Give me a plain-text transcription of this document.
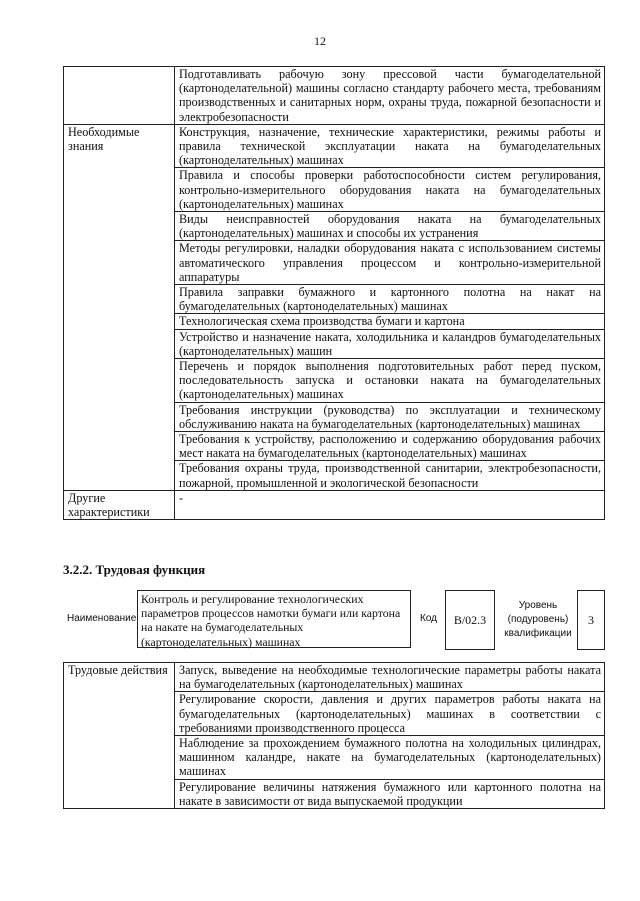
12
	Подготавливать рабочую зону прессовой части бумагоделательной (картоноделательной) машины согласно стандарту рабочего места, требованиям производственных и санитарных норм, охраны труда, пожарной безопасности и электробезопасности
Необходимые знания	Конструкция, назначение, технические характеристики, режимы работы и правила технической эксплуатации наката на бумагоделательных (картоноделательных) машинах
	Правила и способы проверки работоспособности систем регулирования, контрольно-измерительного оборудования наката на бумагоделательных (картоноделательных) машинах
	Виды неисправностей оборудования наката на бумагоделательных (картоноделательных) машинах и способы их устранения
	Методы регулировки, наладки оборудования наката с использованием системы автоматического управления процессом и контрольно-измерительной аппаратуры
	Правила заправки бумажного и картонного полотна на накат на бумагоделательных (картоноделательных) машинах
	Технологическая схема производства бумаги и картона
	Устройство и назначение наката, холодильника и каландров бумагоделательных (картоноделательных) машин
	Перечень и порядок выполнения подготовительных работ перед пуском, последовательность запуска и остановки наката на бумагоделательных (картоноделательных) машинах
	Требования инструкции (руководства) по эксплуатации и техническому обслуживанию наката на бумагоделательных (картоноделательных) машинах
	Требования к устройству, расположению и содержанию оборудования рабочих мест наката на бумагоделательных (картоноделательных) машинах
	Требования охраны труда, производственной санитарии, электробезопасности, пожарной, промышленной и экологической безопасности
Другие характеристики	-
3.2.2. Трудовая функция
Наименование
Контроль и регулирование технологических параметров процессов намотки бумаги или картона на накате на бумагоделательных (картоноделательных) машинах
Код	B/02.3
Уровень (подуровень) квалификации
3
Трудовые действия	Запуск, выведение на необходимые технологические параметры работы наката на бумагоделательных (картоноделательных) машинах
Регулирование скорости, давления и других параметров работы наката на бумагоделательных (картоноделательных) машинах в соответствии с требованиями производственного процесса
Наблюдение за прохождением бумажного полотна на холодильных цилиндрах, машинном каландре, накате на бумагоделательных (картоноделательных) машинах
Регулирование величины натяжения бумажного или картонного полотна на накате в зависимости от вида выпускаемой продукции
